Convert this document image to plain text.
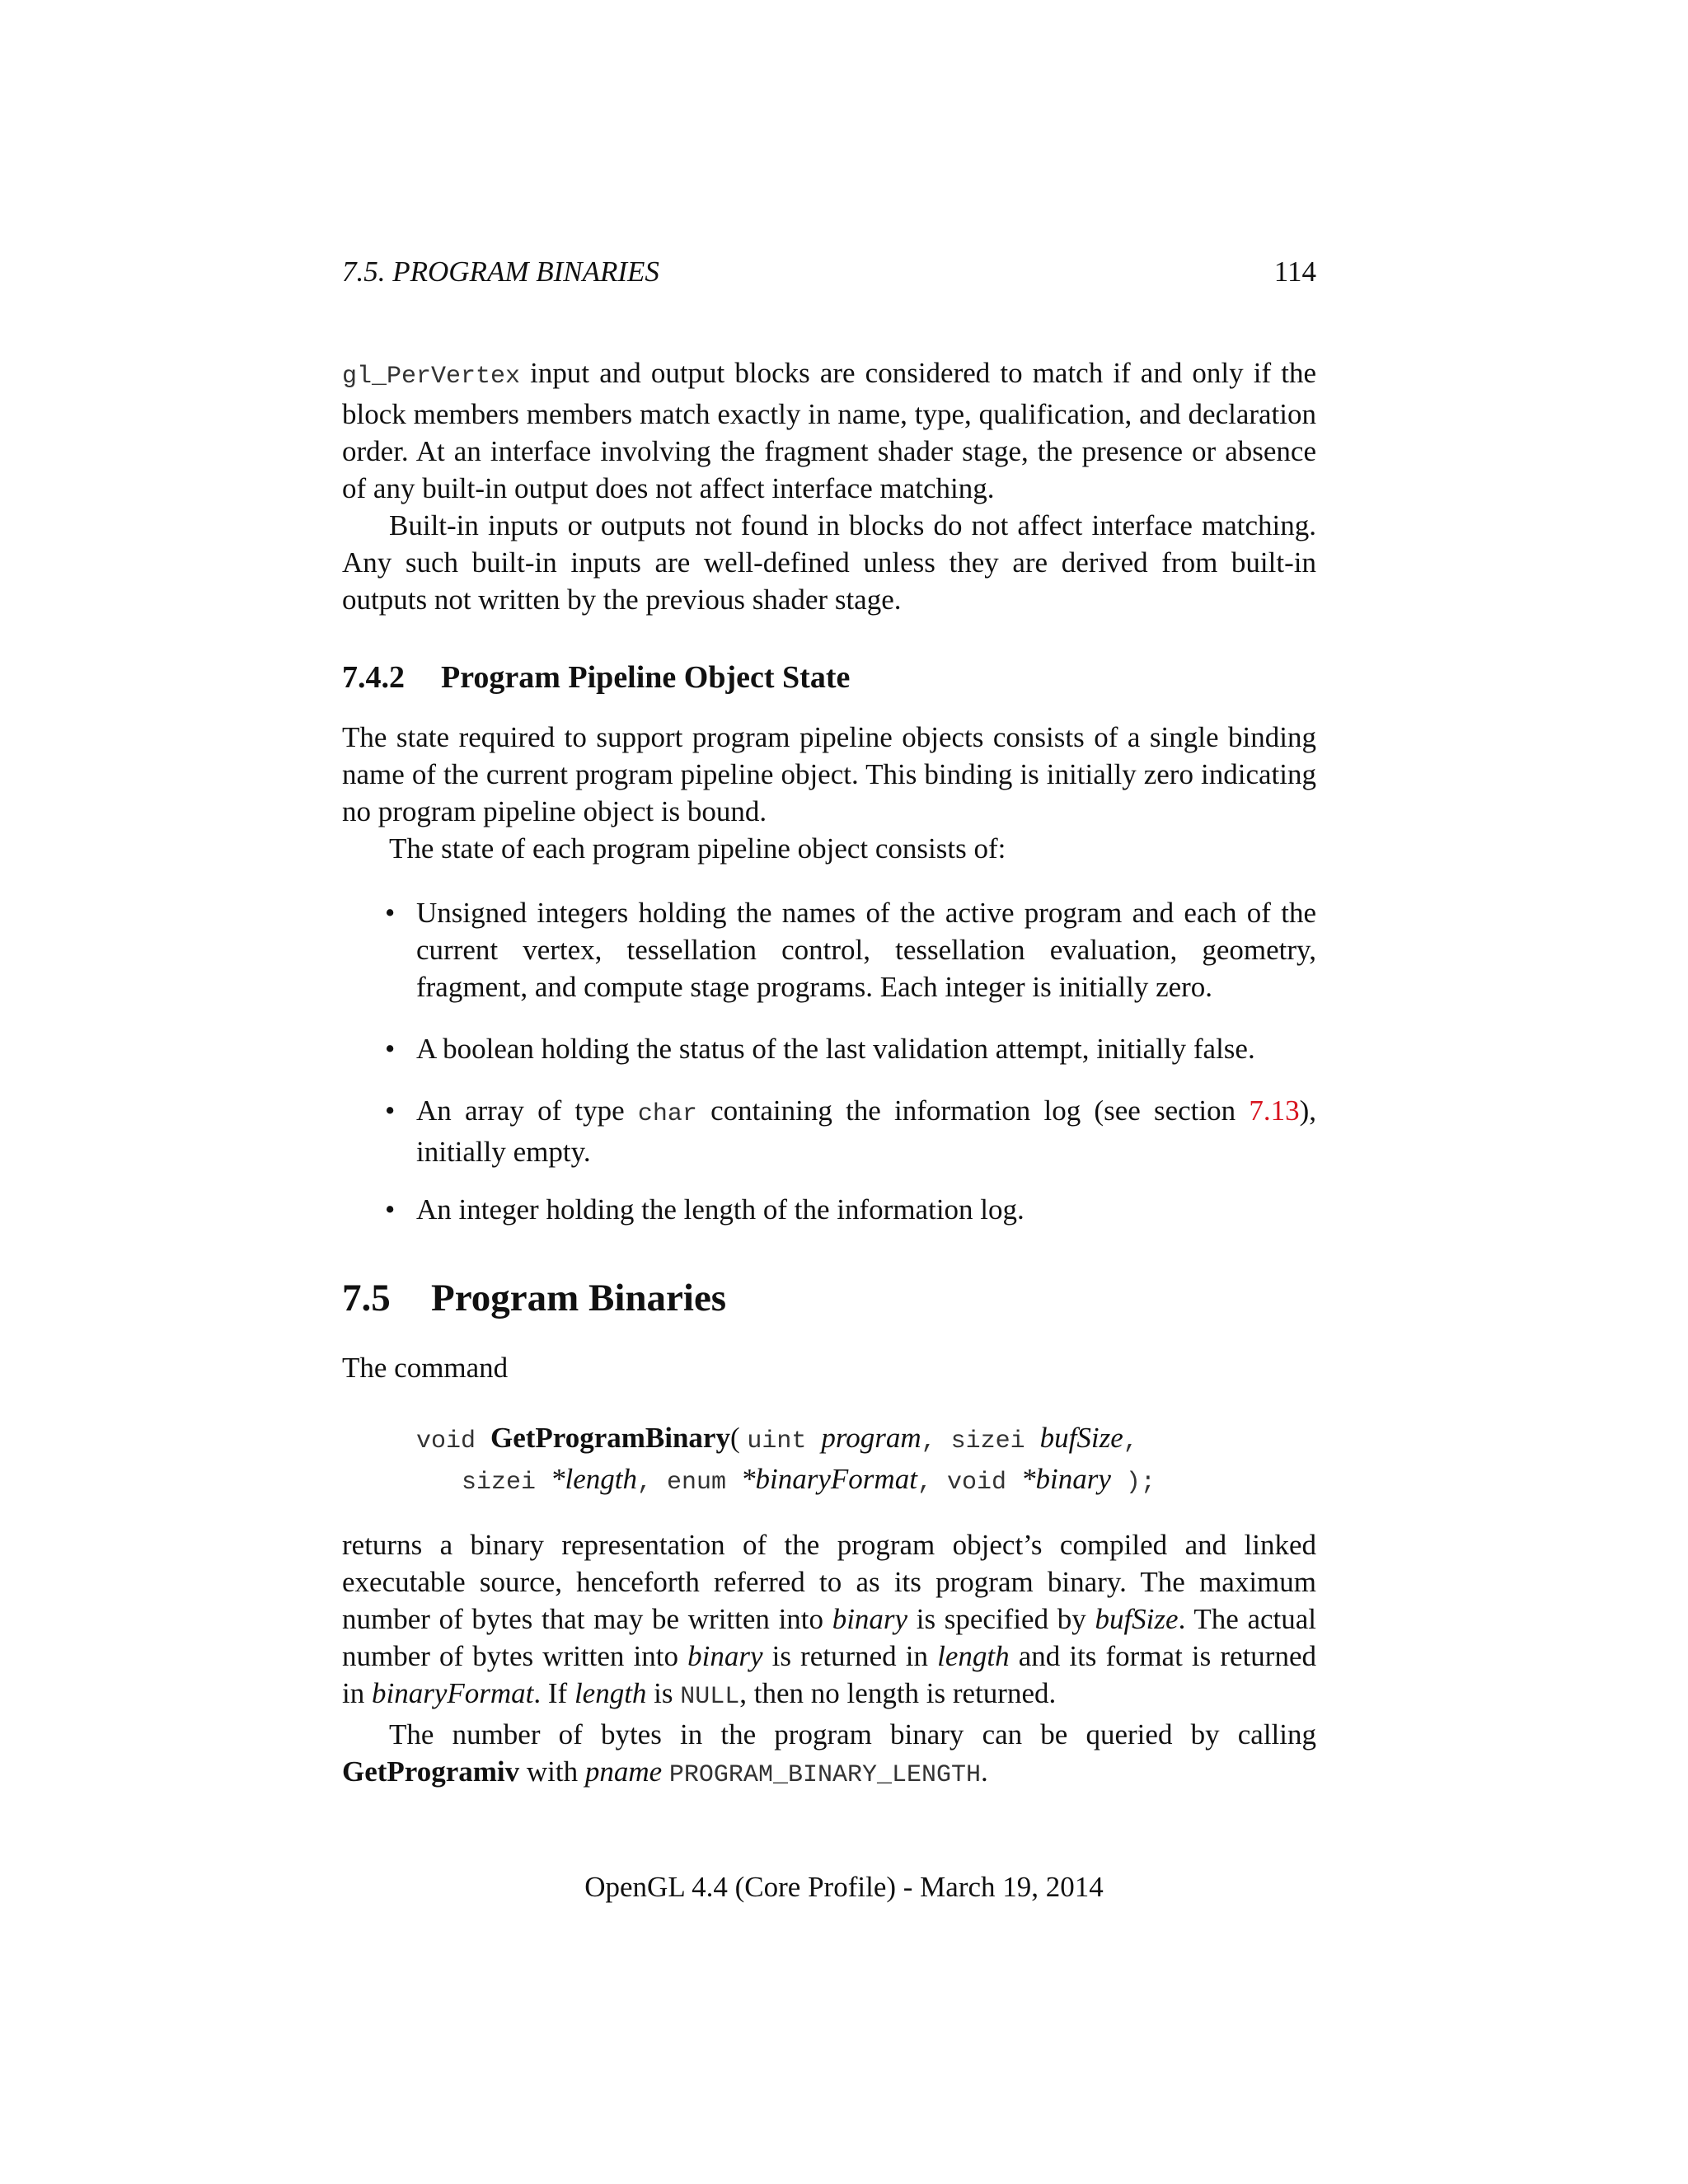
7.5. PROGRAM BINARIES	114

gl_PerVertex input and output blocks are considered to match if and only if the block members members match exactly in name, type, qualification, and declaration order. At an interface involving the fragment shader stage, the presence or absence of any built-in output does not affect interface matching.

Built-in inputs or outputs not found in blocks do not affect interface matching. Any such built-in inputs are well-defined unless they are derived from built-in outputs not written by the previous shader stage.

7.4.2 Program Pipeline Object State

The state required to support program pipeline objects consists of a single binding name of the current program pipeline object. This binding is initially zero indicating no program pipeline object is bound.

The state of each program pipeline object consists of:

• Unsigned integers holding the names of the active program and each of the current vertex, tessellation control, tessellation evaluation, geometry, fragment, and compute stage programs. Each integer is initially zero.
• A boolean holding the status of the last validation attempt, initially false.
• An array of type char containing the information log (see section 7.13), initially empty.
• An integer holding the length of the information log.
7.5 Program Binaries

The command

void GetProgramBinary( uint program, sizei bufSize,
sizei *length, enum *binaryFormat, void *binary );

returns a binary representation of the program object’s compiled and linked executable source, henceforth referred to as its program binary. The maximum number of bytes that may be written into binary is specified by bufSize. The actual number of bytes written into binary is returned in length and its format is returned in binaryFormat. If length is NULL, then no length is returned.

The number of bytes in the program binary can be queried by calling GetProgramiv with pname PROGRAM_BINARY_LENGTH.

OpenGL 4.4 (Core Profile) - March 19, 2014
